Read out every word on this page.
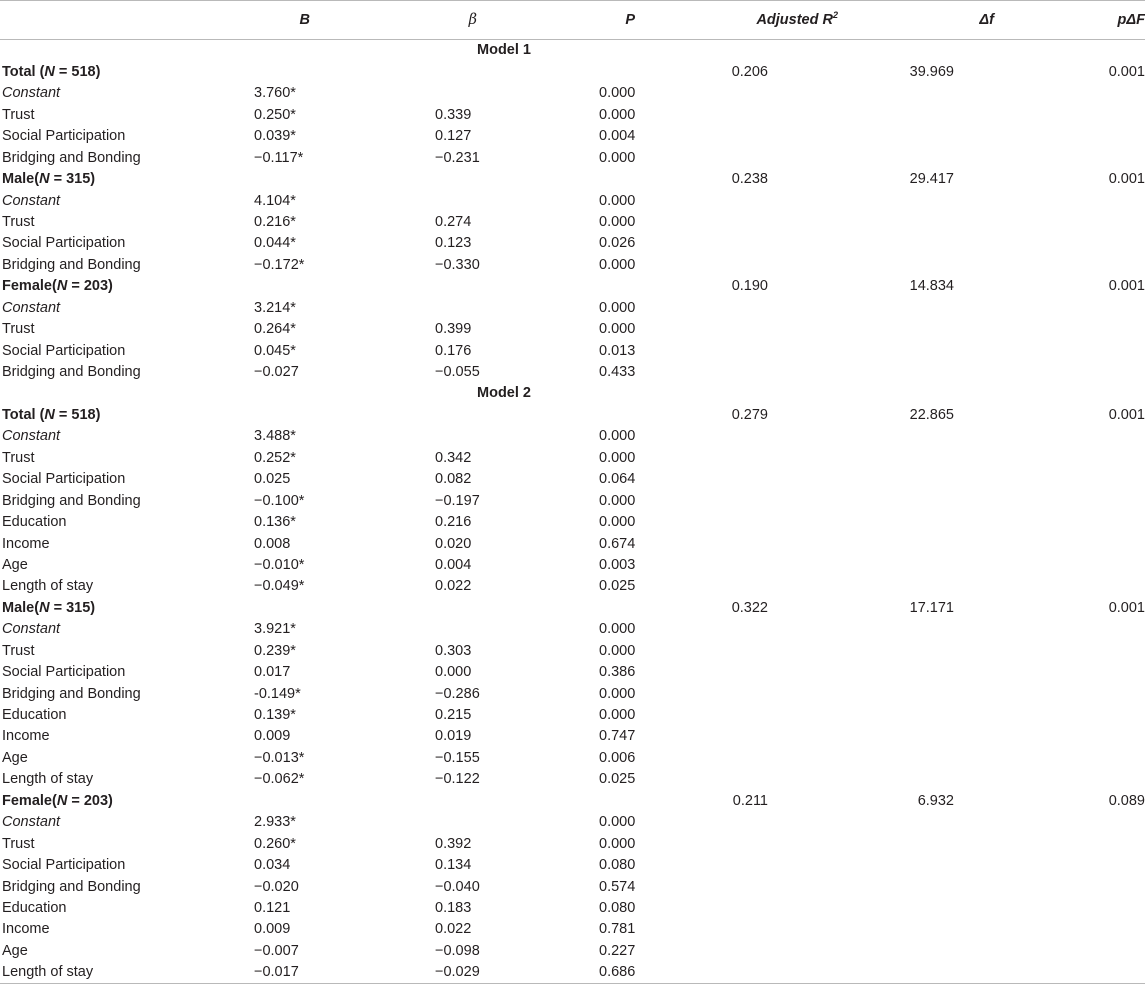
	B	β	P	Adjusted $R^2$	Δf	pΔF
Model 1						
Total (N = 518)				0.206	39.969	0.001
Constant	3.760*		0.000			
Trust	0.250*	0.339	0.000			
Social Participation	0.039*	0.127	0.004			
Bridging and Bonding	−0.117*	−0.231	0.000			
Male(N = 315)				0.238	29.417	0.001
Constant	4.104*		0.000			
Trust	0.216*	0.274	0.000			
Social Participation	0.044*	0.123	0.026			
Bridging and Bonding	−0.172*	−0.330	0.000			
Female(N = 203)				0.190	14.834	0.001
Constant	3.214*		0.000			
Trust	0.264*	0.399	0.000			
Social Participation	0.045*	0.176	0.013			
Bridging and Bonding	−0.027	−0.055	0.433			
Model 2						
Total (N = 518)				0.279	22.865	0.001
Constant	3.488*		0.000			
Trust	0.252*	0.342	0.000			
Social Participation	0.025	0.082	0.064			
Bridging and Bonding	−0.100*	−0.197	0.000			
Education	0.136*	0.216	0.000			
Income	0.008	0.020	0.674			
Age	−0.010*	0.004	0.003			
Length of stay	−0.049*	0.022	0.025			
Male(N = 315)				0.322	17.171	0.001
Constant	3.921*		0.000			
Trust	0.239*	0.303	0.000			
Social Participation	0.017	0.000	0.386			
Bridging and Bonding	-0.149*	−0.286	0.000			
Education	0.139*	0.215	0.000			
Income	0.009	0.019	0.747			
Age	−0.013*	−0.155	0.006			
Length of stay	−0.062*	−0.122	0.025			
Female(N = 203)				0.211	6.932	0.089
Constant	2.933*		0.000			
Trust	0.260*	0.392	0.000			
Social Participation	0.034	0.134	0.080			
Bridging and Bonding	−0.020	−0.040	0.574			
Education	0.121	0.183	0.080			
Income	0.009	0.022	0.781			
Age	−0.007	−0.098	0.227			
Length of stay	−0.017	−0.029	0.686			
